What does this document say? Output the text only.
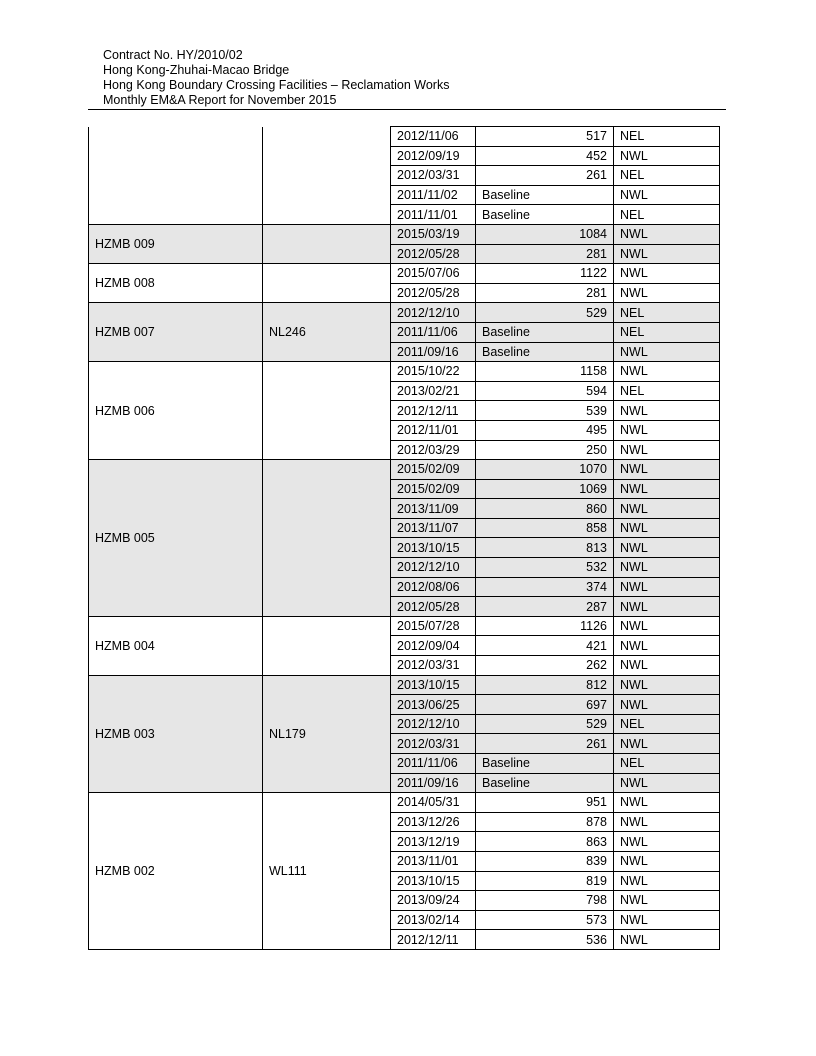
Contract No. HY/2010/02
Hong Kong-Zhuhai-Macao Bridge
Hong Kong Boundary Crossing Facilities – Reclamation Works
Monthly EM&A Report for November 2015
		2012/11/06	517	NEL
		2012/09/19	452	NWL
		2012/03/31	261	NEL
		2011/11/02	Baseline	NWL
		2011/11/01	Baseline	NEL
HZMB 009		2015/03/19	1084	NWL
		2012/05/28	281	NWL
HZMB 008		2015/07/06	1122	NWL
		2012/05/28	281	NWL
HZMB 007	NL246	2012/12/10	529	NEL
		2011/11/06	Baseline	NEL
		2011/09/16	Baseline	NWL
HZMB 006		2015/10/22	1158	NWL
		2013/02/21	594	NEL
		2012/12/11	539	NWL
		2012/11/01	495	NWL
		2012/03/29	250	NWL
HZMB 005		2015/02/09	1070	NWL
		2015/02/09	1069	NWL
		2013/11/09	860	NWL
		2013/11/07	858	NWL
		2013/10/15	813	NWL
		2012/12/10	532	NWL
		2012/08/06	374	NWL
		2012/05/28	287	NWL
HZMB 004		2015/07/28	1126	NWL
		2012/09/04	421	NWL
		2012/03/31	262	NWL
HZMB 003	NL179	2013/10/15	812	NWL
		2013/06/25	697	NWL
		2012/12/10	529	NEL
		2012/03/31	261	NWL
		2011/11/06	Baseline	NEL
		2011/09/16	Baseline	NWL
HZMB 002	WL111	2014/05/31	951	NWL
		2013/12/26	878	NWL
		2013/12/19	863	NWL
		2013/11/01	839	NWL
		2013/10/15	819	NWL
		2013/09/24	798	NWL
		2013/02/14	573	NWL
		2012/12/11	536	NWL
